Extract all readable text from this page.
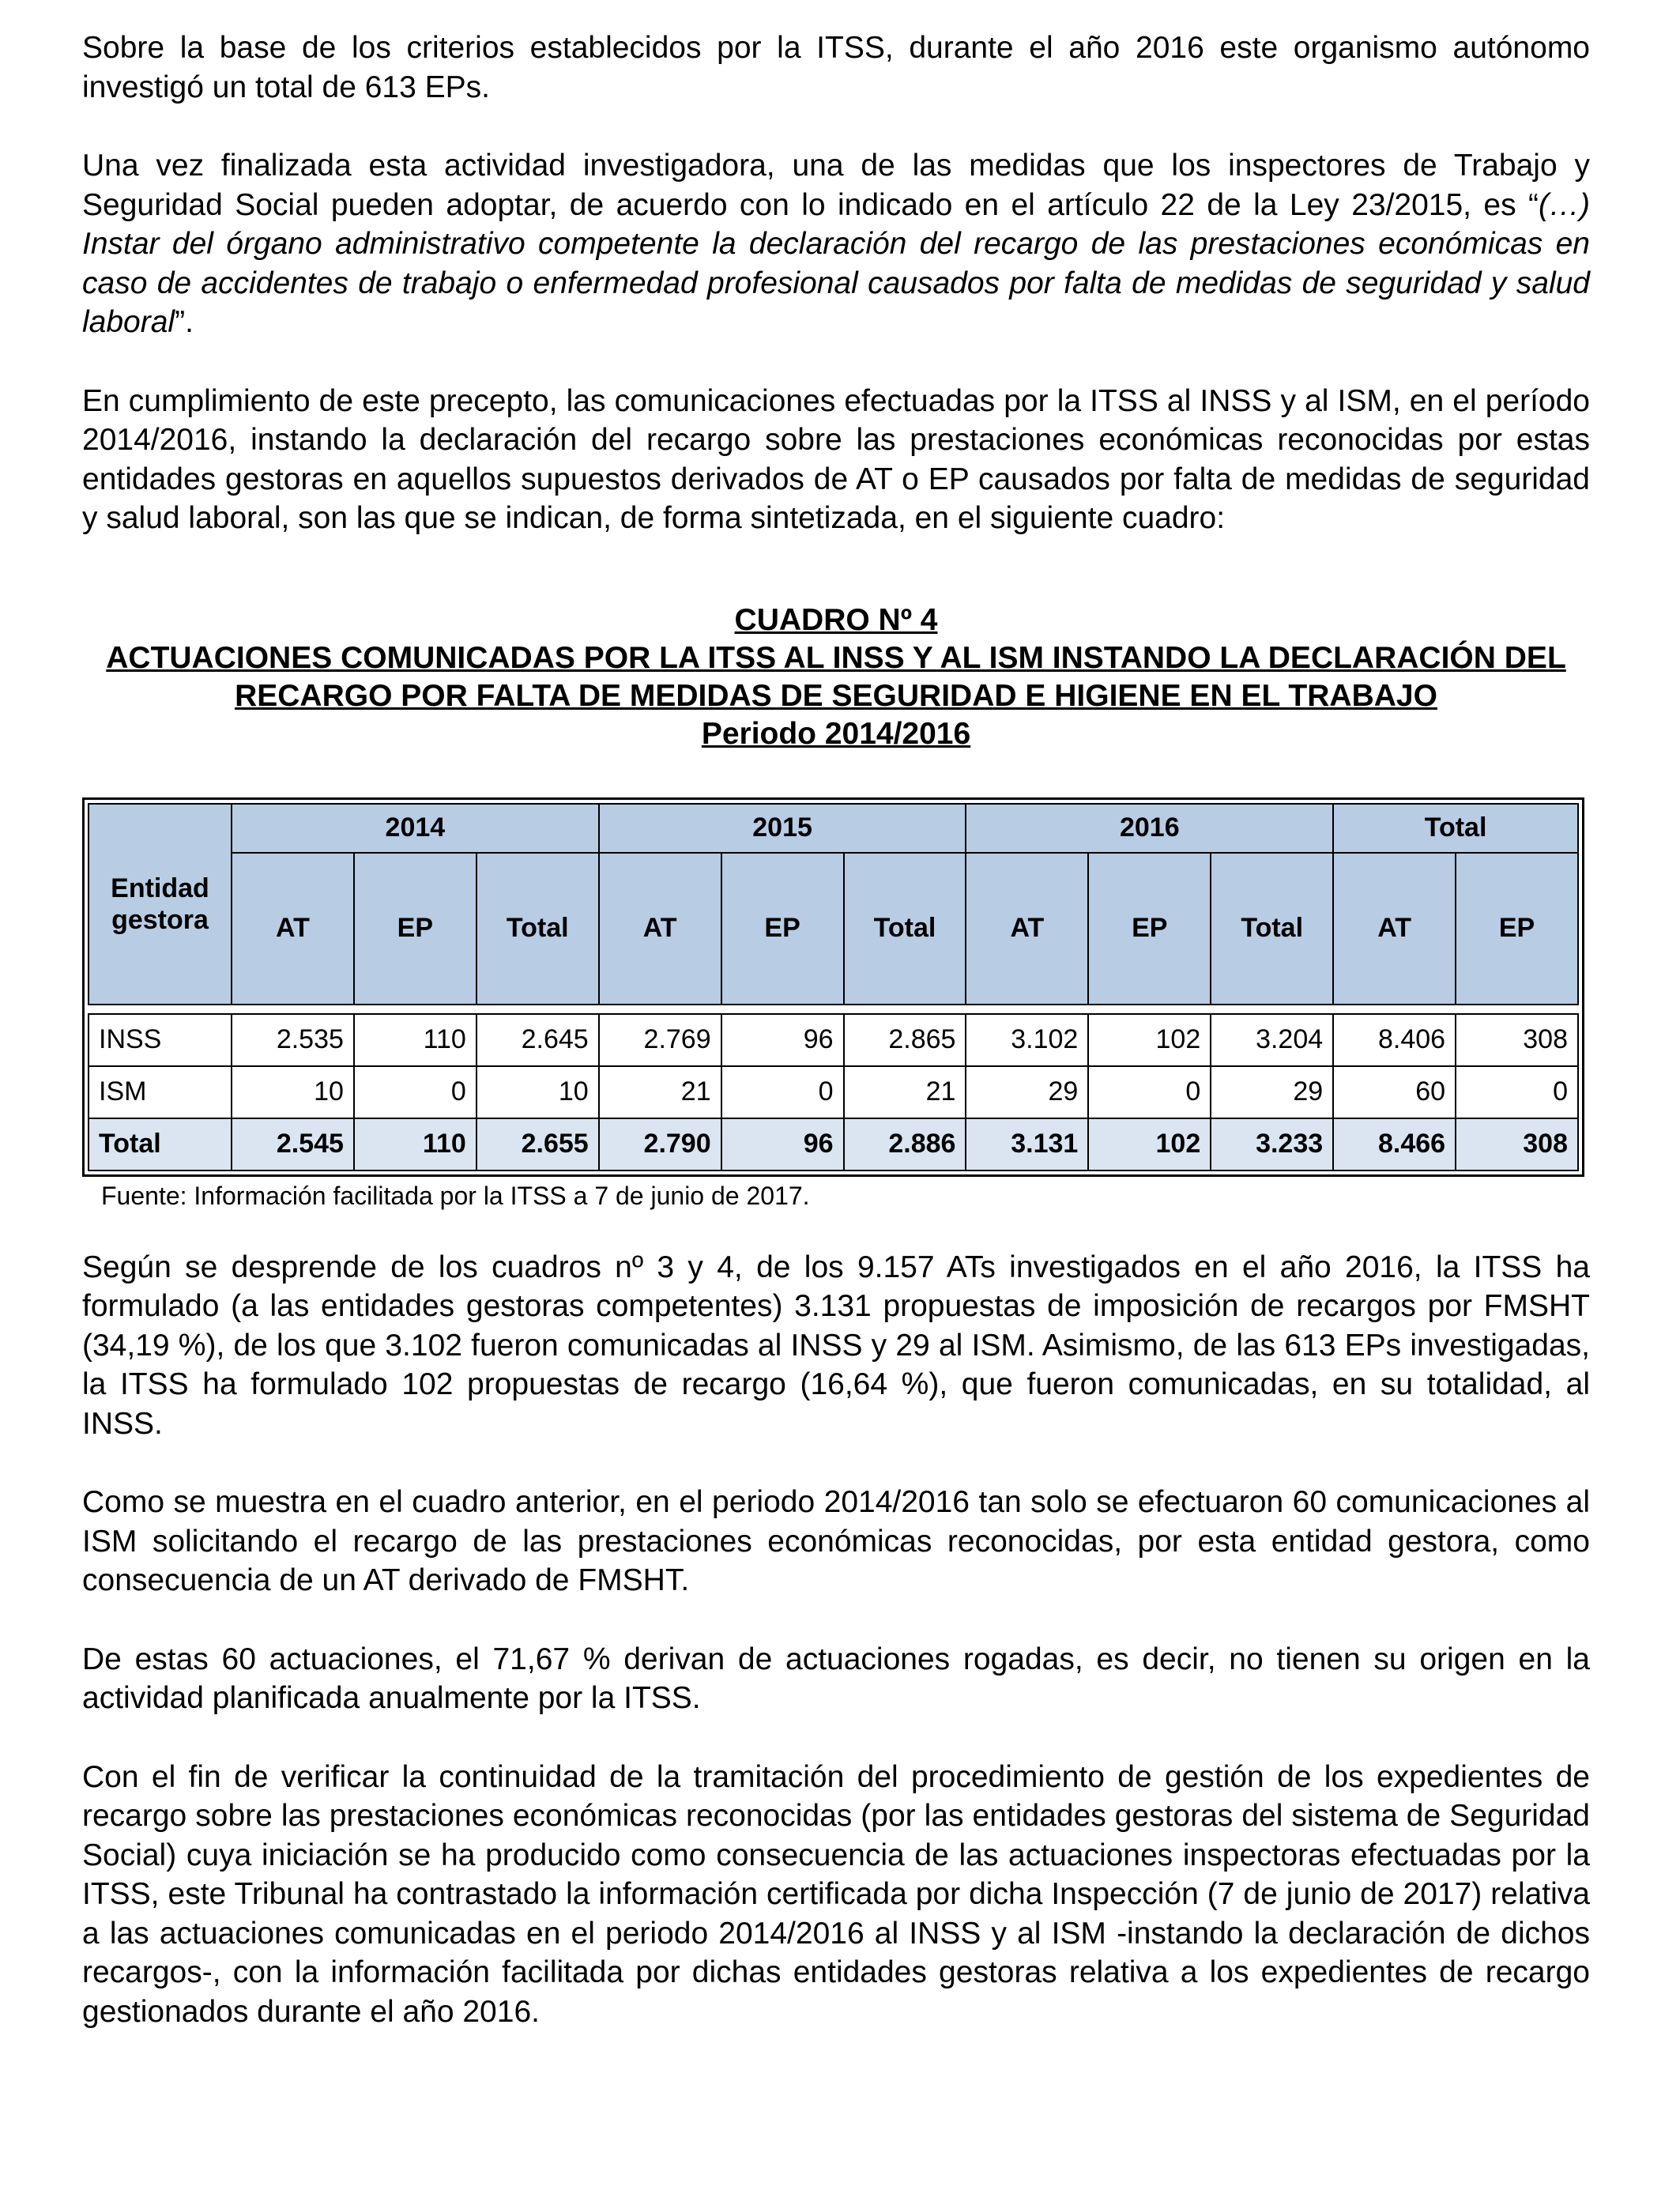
Sobre la base de los criterios establecidos por la ITSS, durante el año 2016 este organismo autónomo investigó un total de 613 EPs.

Una vez finalizada esta actividad investigadora, una de las medidas que los inspectores de Trabajo y Seguridad Social pueden adoptar, de acuerdo con lo indicado en el artículo 22 de la Ley 23/2015, es “(…) Instar del órgano administrativo competente la declaración del recargo de las prestaciones económicas en caso de accidentes de trabajo o enfermedad profesional causados por falta de medidas de seguridad y salud laboral”.

En cumplimiento de este precepto, las comunicaciones efectuadas por la ITSS al INSS y al ISM, en el período 2014/2016, instando la declaración del recargo sobre las prestaciones económicas reconocidas por estas entidades gestoras en aquellos supuestos derivados de AT o EP causados por falta de medidas de seguridad y salud laboral, son las que se indican, de forma sintetizada, en el siguiente cuadro:

CUADRO Nº 4
ACTUACIONES COMUNICADAS POR LA ITSS AL INSS Y AL ISM INSTANDO LA DECLARACIÓN DEL RECARGO POR FALTA DE MEDIDAS DE SEGURIDAD E HIGIENE EN EL TRABAJO
Periodo 2014/2016
Entidad gestora	2014			2015			2016			Total	
	AT	EP	Total	AT	EP	Total	AT	EP	Total	AT	EP

INSS	2.535	110	2.645	2.769	96	2.865	3.102	102	3.204	8.406	308
ISM	10	0	10	21	0	21	29	0	29	60	0
Total	2.545	110	2.655	2.790	96	2.886	3.131	102	3.233	8.466	308
Fuente: Información facilitada por la ITSS a 7 de junio de 2017.

Según se desprende de los cuadros nº 3 y 4, de los 9.157 ATs investigados en el año 2016, la ITSS ha formulado (a las entidades gestoras competentes) 3.131 propuestas de imposición de recargos por FMSHT (34,19 %), de los que 3.102 fueron comunicadas al INSS y 29 al ISM. Asimismo, de las 613 EPs investigadas, la ITSS ha formulado 102 propuestas de recargo (16,64 %), que fueron comunicadas, en su totalidad, al INSS.

Como se muestra en el cuadro anterior, en el periodo 2014/2016 tan solo se efectuaron 60 comunicaciones al ISM solicitando el recargo de las prestaciones económicas reconocidas, por esta entidad gestora, como consecuencia de un AT derivado de FMSHT.

De estas 60 actuaciones, el 71,67 % derivan de actuaciones rogadas, es decir, no tienen su origen en la actividad planificada anualmente por la ITSS.

Con el fin de verificar la continuidad de la tramitación del procedimiento de gestión de los expedientes de recargo sobre las prestaciones económicas reconocidas (por las entidades gestoras del sistema de Seguridad Social) cuya iniciación se ha producido como consecuencia de las actuaciones inspectoras efectuadas por la ITSS, este Tribunal ha contrastado la información certificada por dicha Inspección (7 de junio de 2017) relativa a las actuaciones comunicadas en el periodo 2014/2016 al INSS y al ISM -instando la declaración de dichos recargos-, con la información facilitada por dichas entidades gestoras relativa a los expedientes de recargo gestionados durante el año 2016.
